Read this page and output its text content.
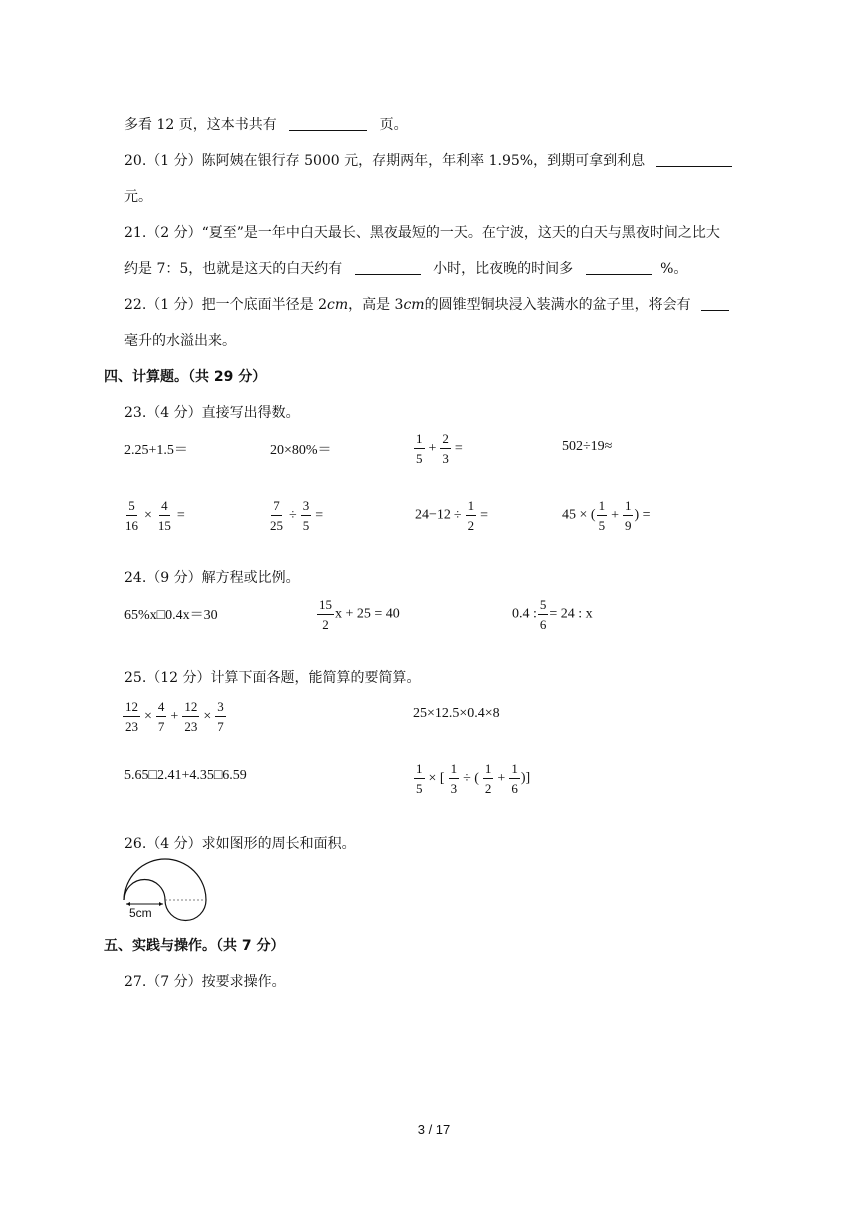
多看 12 页，这本书共有	页。
20.（1 分）陈阿姨在银行存 5000 元，存期两年，年利率 1.95%，到期可拿到利息
元。
21.（2 分）“夏至”是一年中白天最长、黑夜最短的一天。在宁波，这天的白天与黑夜时间之比大
约是 7：5，也就是这天的白天约有	小时，比夜晚的时间多	%。
22.（1 分）把一个底面半径是 2cm，高是 3cm的圆锥型铜块浸入装满水的盆子里，将会有
毫升的水溢出来。
四、计算题。（共 29 分）
23.（4 分）直接写出得数。
2.25+1.5＝	20×80%＝	$\frac{1}{5} + \frac{2}{3}$ =	502÷19≈
$\frac{5}{16} \times \frac{4}{15}$ =	$\frac{7}{25} \div \frac{3}{5}$ =	$24-12 \div \frac{1}{2}$ =	45 × ( $\frac{1}{5} + \frac{1}{9}$ ) =
24.（9 分）解方程或比例。
65%x□0.4x＝30	$\frac{15}{2}$ x + 25 = 40	0.4 : $\frac{5}{6} = 24$ : x
25.（12 分）计算下面各题，能简算的要简算。
$\frac{12}{23} \times \frac{4}{7} + \frac{12}{23} \times \frac{3}{7}$	25×12.5×0.4×8
5.65□2.41+4.35□6.59	$\frac{1}{5}$ × [ $\frac{1}{3}$ ÷ ( $\frac{1}{2} + \frac{1}{6}$ )]
26.（4 分）求如图形的周长和面积。
5cm
五、实践与操作。（共 7 分）
27.（7 分）按要求操作。
3 / 17
